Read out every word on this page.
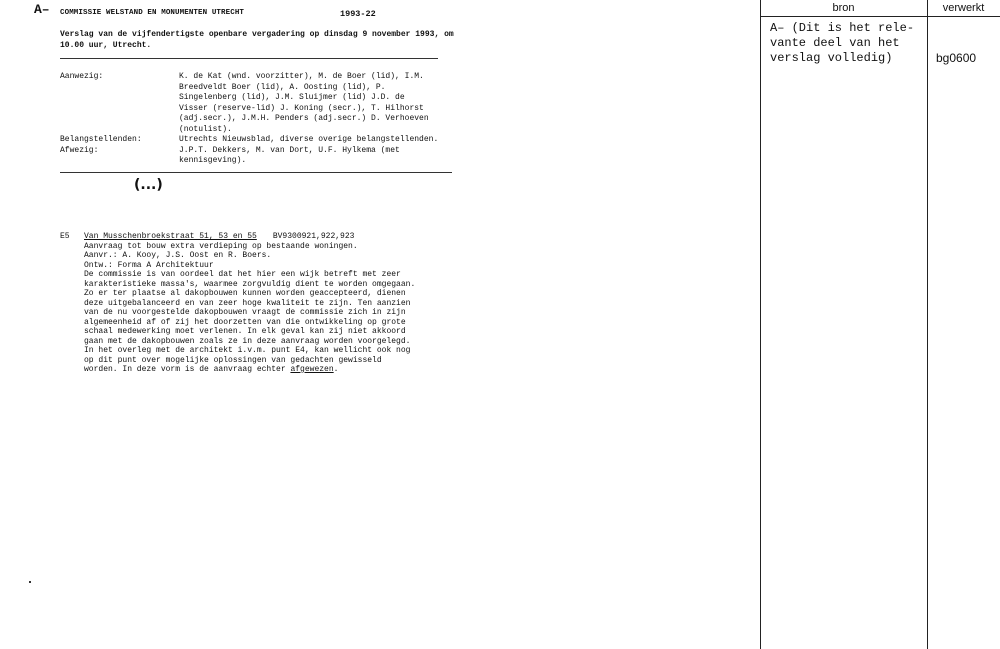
A– COMMISSIE WELSTAND EN MONUMENTEN UTRECHT	1993-22
Verslag van de vijfendertigste openbare vergadering op dinsdag 9 november 1993, om 10.00 uur, Utrecht.
Aanwezig:	K. de Kat (wnd. voorzitter), M. de Boer (lid), I.M.
Breedveldt Boer (lid), A. Oosting (lid), P.
Singelenberg (lid), J.M. Sluijmer (lid) J.D. de
Visser (reserve-lid) J. Koning (secr.), T. Hilhorst
(adj.secr.), J.M.H. Penders (adj.secr.) D. Verhoeven
(notulist).
Belangstellenden:	Utrechts Nieuwsblad, diverse overige belangstellenden.
Afwezig:	J.P.T. Dekkers, M. van Dort, U.F. Hylkema (met
kennisgeving).
(...)
E5	Van Musschenbroekstraat 51, 53 en 55 BV9300921,922,923
Aanvraag tot bouw extra verdieping op bestaande woningen.
Aanvr.: A. Kooy, J.S. Oost en R. Boers.
Ontw.: Forma A Architektuur
De commissie is van oordeel dat het hier een wijk betreft met zeer
karakteristieke massa's, waarmee zorgvuldig dient te worden omgegaan.
Zo er ter plaatse al dakopbouwen kunnen worden geaccepteerd, dienen
deze uitgebalanceerd en van zeer hoge kwaliteit te zijn. Ten aanzien
van de nu voorgestelde dakopbouwen vraagt de commissie zich in zijn
algemeenheid af of zij het doorzetten van die ontwikkeling op grote
schaal medewerking moet verlenen. In elk geval kan zij niet akkoord
gaan met de dakopbouwen zoals ze in deze aanvraag worden voorgelegd.
In het overleg met de architekt i.v.m. punt E4, kan wellicht ook nog
op dit punt over mogelijke oplossingen van gedachten gewisseld
worden. In deze vorm is de aanvraag echter afgewezen.
bron	verwerkt
A– (Dit is het rele-
vante deel van het
verslag volledig)	bg0600
